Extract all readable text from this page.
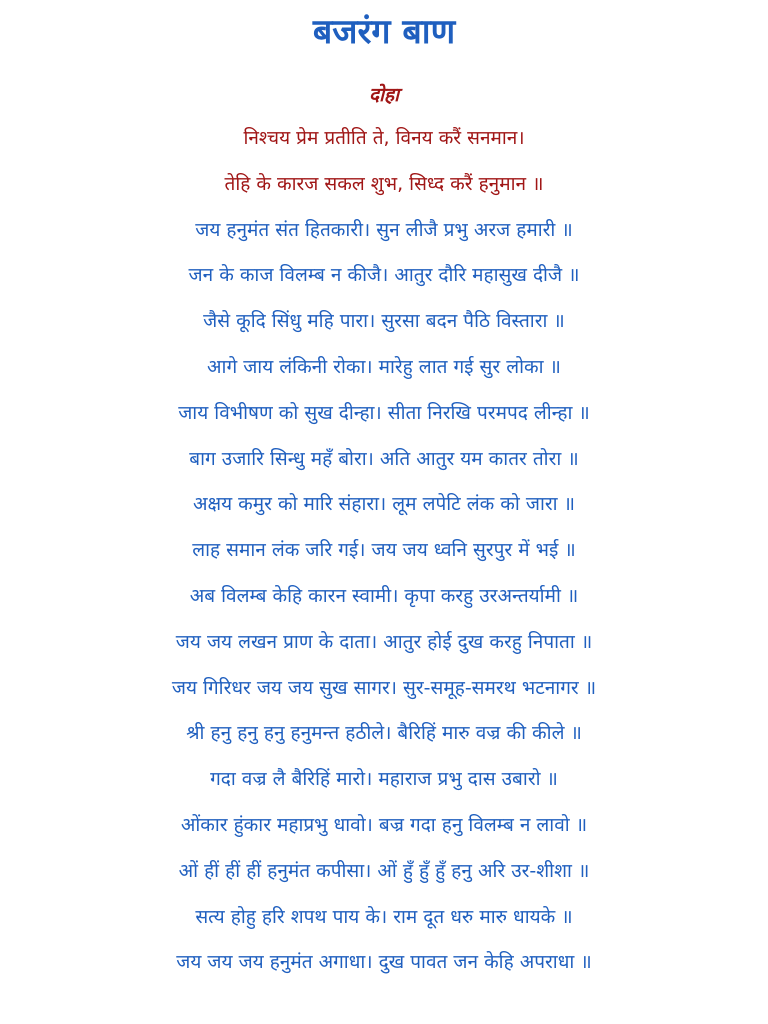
बजरंग बाण
दोहा
निश्चय प्रेम प्रतीति ते, विनय करैं सनमान।
तेहि के कारज सकल शुभ, सिध्द करैं हनुमान ॥
जय हनुमंत संत हितकारी। सुन लीजै प्रभु अरज हमारी ॥
जन के काज विलम्ब न कीजै। आतुर दौरि महासुख दीजै ॥
जैसे कूदि सिंधु महि पारा। सुरसा बदन पैठि विस्तारा ॥
आगे जाय लंकिनी रोका। मारेहु लात गई सुर लोका ॥
जाय विभीषण को सुख दीन्हा। सीता निरखि परमपद लीन्हा ॥
बाग उजारि सिन्धु महँ बोरा। अति आतुर यम कातर तोरा ॥
अक्षय कमुर को मारि संहारा। लूम लपेटि लंक को जारा ॥
लाह समान लंक जरि गई। जय जय ध्वनि सुरपुर में भई ॥
अब विलम्ब केहि कारन स्वामी। कृपा करहु उरअन्तर्यामी ॥
जय जय लखन प्राण के दाता। आतुर होई दुख करहु निपाता ॥
जय गिरिधर जय जय सुख सागर। सुर-समूह-समरथ भटनागर ॥
श्री हनु हनु हनु हनुमन्त हठीले। बैरिहिं मारु वज्र की कीले ॥
गदा वज्र लै बैरिहिं मारो। महाराज प्रभु दास उबारो ॥
ओंकार हुंकार महाप्रभु धावो। बज्र गदा हनु विलम्ब न लावो ॥
ओं हीं हीं हीं हनुमंत कपीसा। ओं हुँ हुँ हुँ हनु अरि उर-शीशा ॥
सत्य होहु हरि शपथ पाय के। राम दूत धरु मारु धायके ॥
जय जय जय हनुमंत अगाधा। दुख पावत जन केहि अपराधा ॥
